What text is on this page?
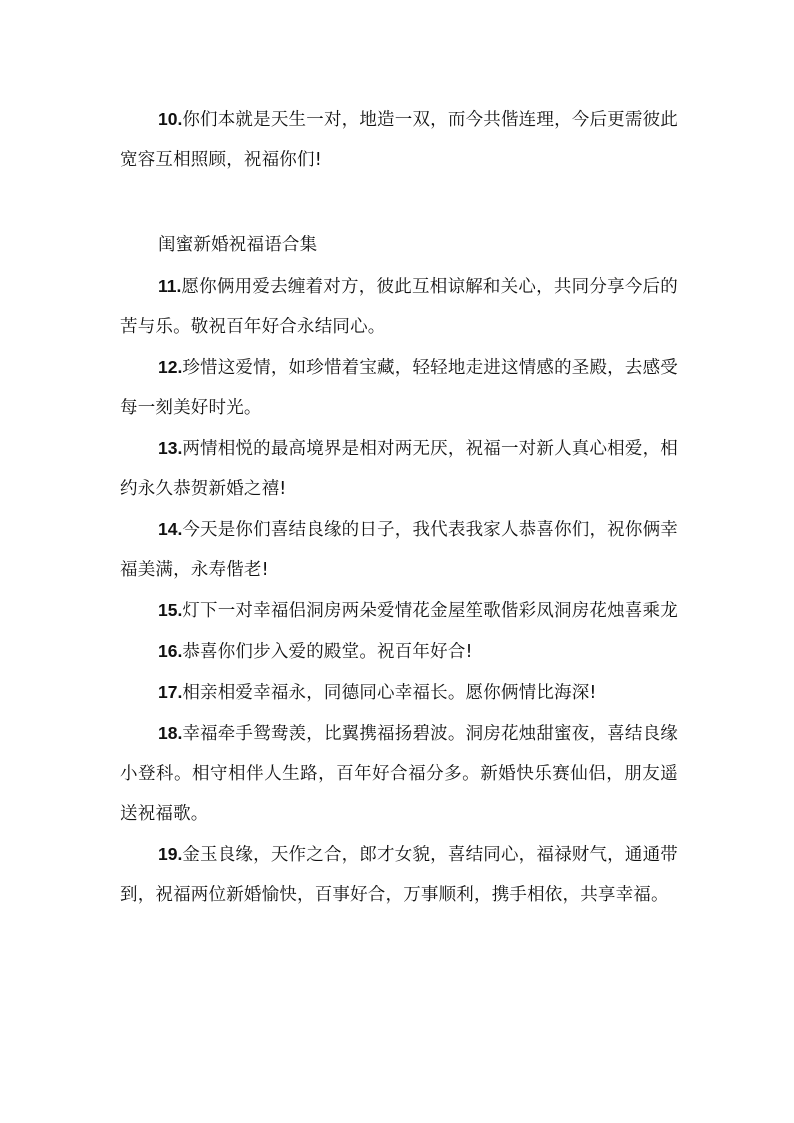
10.你们本就是天生一对，地造一双，而今共偕连理，今后更需彼此宽容互相照顾，祝福你们!

闺蜜新婚祝福语合集

11.愿你俩用爱去缠着对方，彼此互相谅解和关心，共同分享今后的苦与乐。敬祝百年好合永结同心。

12.珍惜这爱情，如珍惜着宝藏，轻轻地走进这情感的圣殿，去感受每一刻美好时光。

13.两情相悦的最高境界是相对两无厌，祝福一对新人真心相爱，相约永久恭贺新婚之禧!

14.今天是你们喜结良缘的日子，我代表我家人恭喜你们，祝你俩幸福美满，永寿偕老!

15.灯下一对幸福侣洞房两朵爱情花金屋笙歌偕彩凤洞房花烛喜乘龙

16.恭喜你们步入爱的殿堂。祝百年好合!

17.相亲相爱幸福永，同德同心幸福长。愿你俩情比海深!

18.幸福牵手鸳鸯羡，比翼携福扬碧波。洞房花烛甜蜜夜，喜结良缘小登科。相守相伴人生路，百年好合福分多。新婚快乐赛仙侣，朋友遥送祝福歌。

19.金玉良缘，天作之合，郎才女貌，喜结同心，福禄财气，通通带到，祝福两位新婚愉快，百事好合，万事顺利，携手相依，共享幸福。
